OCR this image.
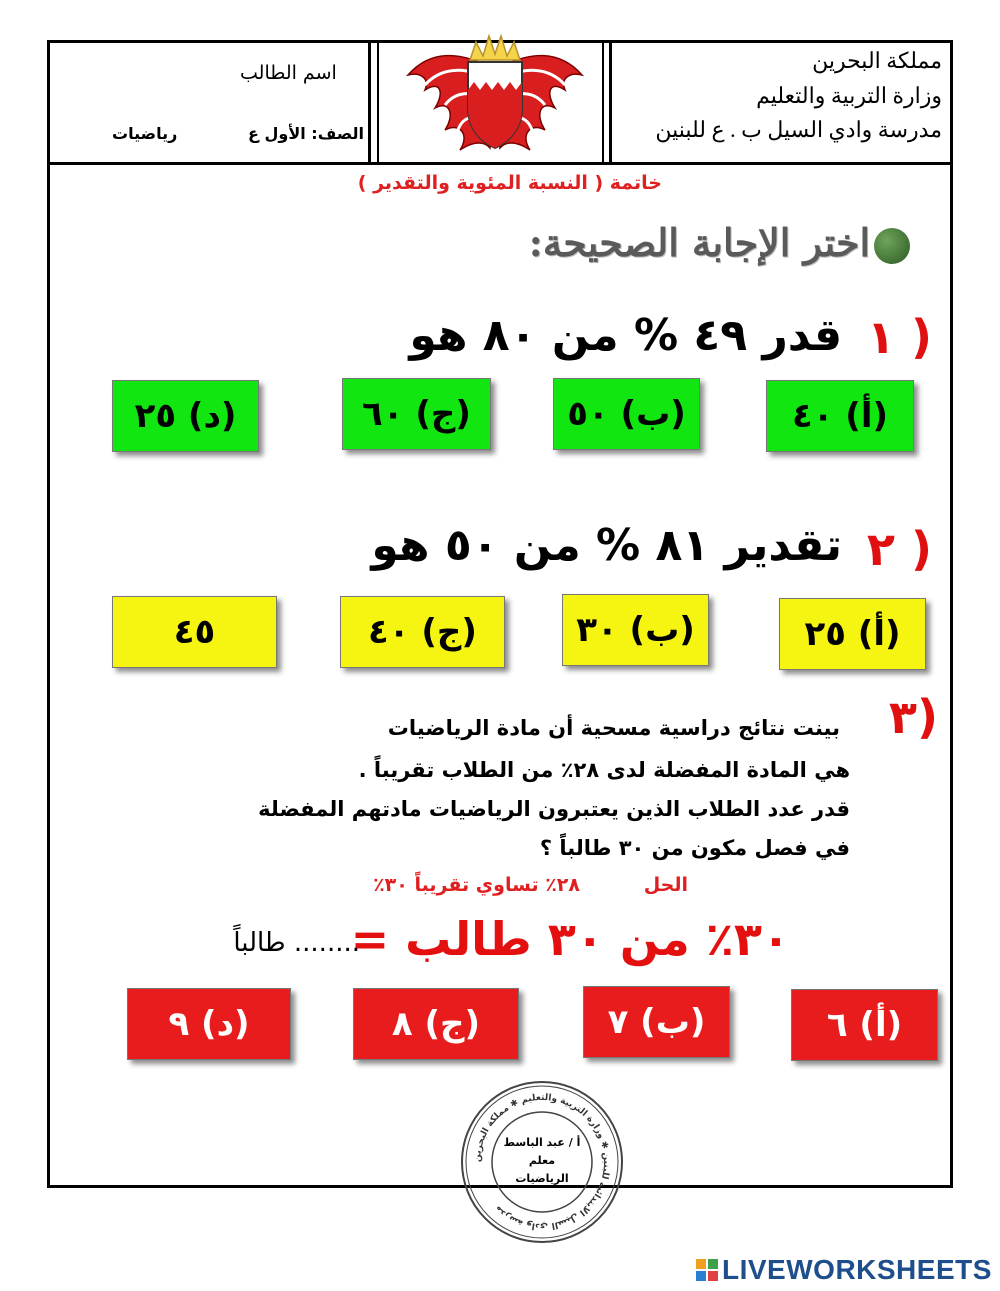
مملكة البحرين
وزارة التربية والتعليم
مدرسة وادي السيل ب . ع للبنين
اسم الطالب
الصف: الأول ع
رياضيات
خاتمة ( النسبة المئوية والتقدير )
اختر الإجابة الصحيحة:
١ )
قدر ٤٩ % من ٨٠ هو
(أ) ٤٠
(ب) ٥٠
(ج) ٦٠
(د) ٢٥
٢ )
تقدير ٨١ % من ٥٠ هو
(أ) ٢٥
(ب) ٣٠
(ج) ٤٠
٤٥
٣)
بينت نتائج دراسية مسحية أن مادة الرياضيات
هي المادة المفضلة لدى ٢٨٪ من الطلاب تقريباً .
قدر عدد الطلاب الذين يعتبرون الرياضيات مادتهم المفضلة
في فصل مكون من ٣٠ طالباً ؟
الحل
٢٨٪ تساوي تقريباً ٣٠٪
٣٠٪ من ٣٠ طالب =
........ طالباً
(أ) ٦
(ب) ٧
(ج) ٨
(د) ٩
مدرسة وادي السيل الابتدائية للبنين ✱ وزارة التربية والتعليم ✱ مملكة البحرين
أ / عبد الباسط
معلم
الرياضيات
LIVEWORKSHEETS
